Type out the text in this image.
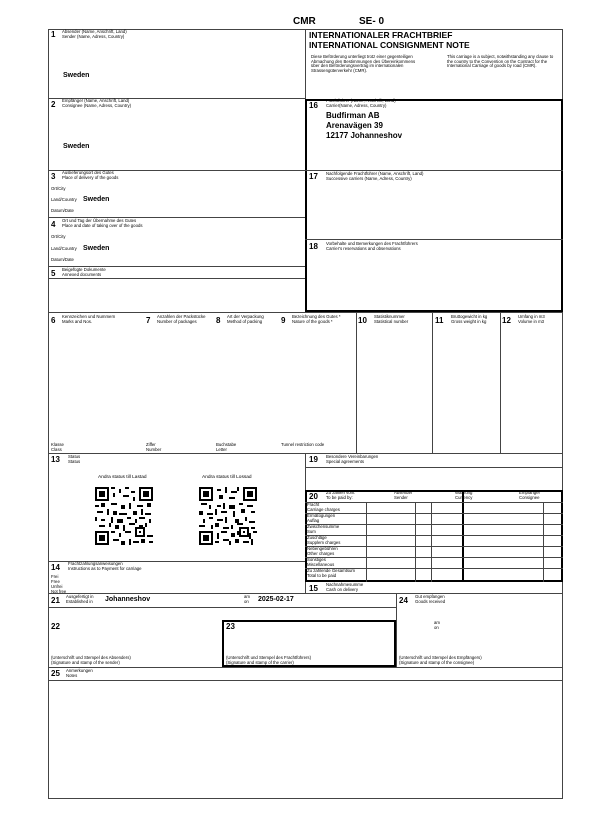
CMR	SE- 0
1 Absender (Name, Anschrift, Land)
Sender (Name, Adress, Country)
Sweden
INTERNATIONALER FRACHTBRIEF
INTERNATIONAL CONSIGNMENT NOTE
Diese Beförderung unterliegt trotz einer gegenteiligen Abmachung den Bestimmungen des Übereinkommens über den Beförderungsvertrag im internationalen Strassengüterverkehr (CMR).
This carriage is a subject, notwithstanding any clause to the country to the Convention on the Contract for the International Carriage of goods by road (CMR).
2 Empfänger (Name, Anschrift, Land)
Consignee (Name, Adress, Country)
Sweden
16
Frachtführer (Name, Anschrift, Land)
Carrier(Name, Adress, Country)
Budfirman AB
Arenavägen 39
12177 Johanneshov
3 Auslieferungsort des Gutes
Place of delivery of the goods
Ort/City
Land/Country Sweden
Datum/Date
17 Nachfolgende Frachtführer (Name, Anschrift, Land)
Successive carriers (Name, Adress, Country)
4 Ort und Tag der Übernahme des Gutes
Place and date of taking over of the goods
Ort/City
Land/Country Sweden
Datum/Date
18 Vorbehalte und Bemerkungen des Frachtführers
Carrier's reservations and observations
5 Beigefügte Dokumente
Annexed documents
6 Kennzeichen und Nummern
Marks and Nos.	7 Anzahlen der Packstücke
Number of packages 8 Art der Verpackung
Method of packing 9 Bezeichnung des Gutes *
Nature of the goods *	10 Statistiknummer
Statistical number	11 Bruttogewicht in kg
Gross weight in kg 12 Umfang in m3
Volume in m3
Klasse
Class
Ziffer
Number
Buchstabe
Letter
Tunnel restriction code
13 Status
Status
Andra status till Lastad	Andra status till Lossad
19 Besondere Vereinbarungen
Special agreements
20 Zu zahlen vom:
To be paid by:
Absender
Sender
Währung
Currency
Empfänger
Consignee
Fracht
Carriage charges
Ermäßigungen
Auflag
Zwischensumme
Sum
Zuschläge
Supplem charges
Nebengebühren
Other charges
Sonstiges
Miscellaneous
Zu zahlende Gesamtsum
Total to be paid
14 Frachtzahlungsanweisungen
Instructions as to Payment for carriage
Frei
Free
Unfrei
Not free	15 Nachnahmesumme
Cash on delivery
21 Ausgefertigt in
Established in Johanneshov	am
on 2025-02-17	24 Gut empfangen
Goods received
am
on
22
(Unterschrift und Stempel des Absenders)
(Signature and stamp of the sender)
23
(Unterschrift und Stempel des Frachtführers)
(Signature and stamp of the carrier)
(Unterschrift und Stempel des Empfängers)
(Signature and stamp of the consignee)
25 Anmerkungen
Notes
